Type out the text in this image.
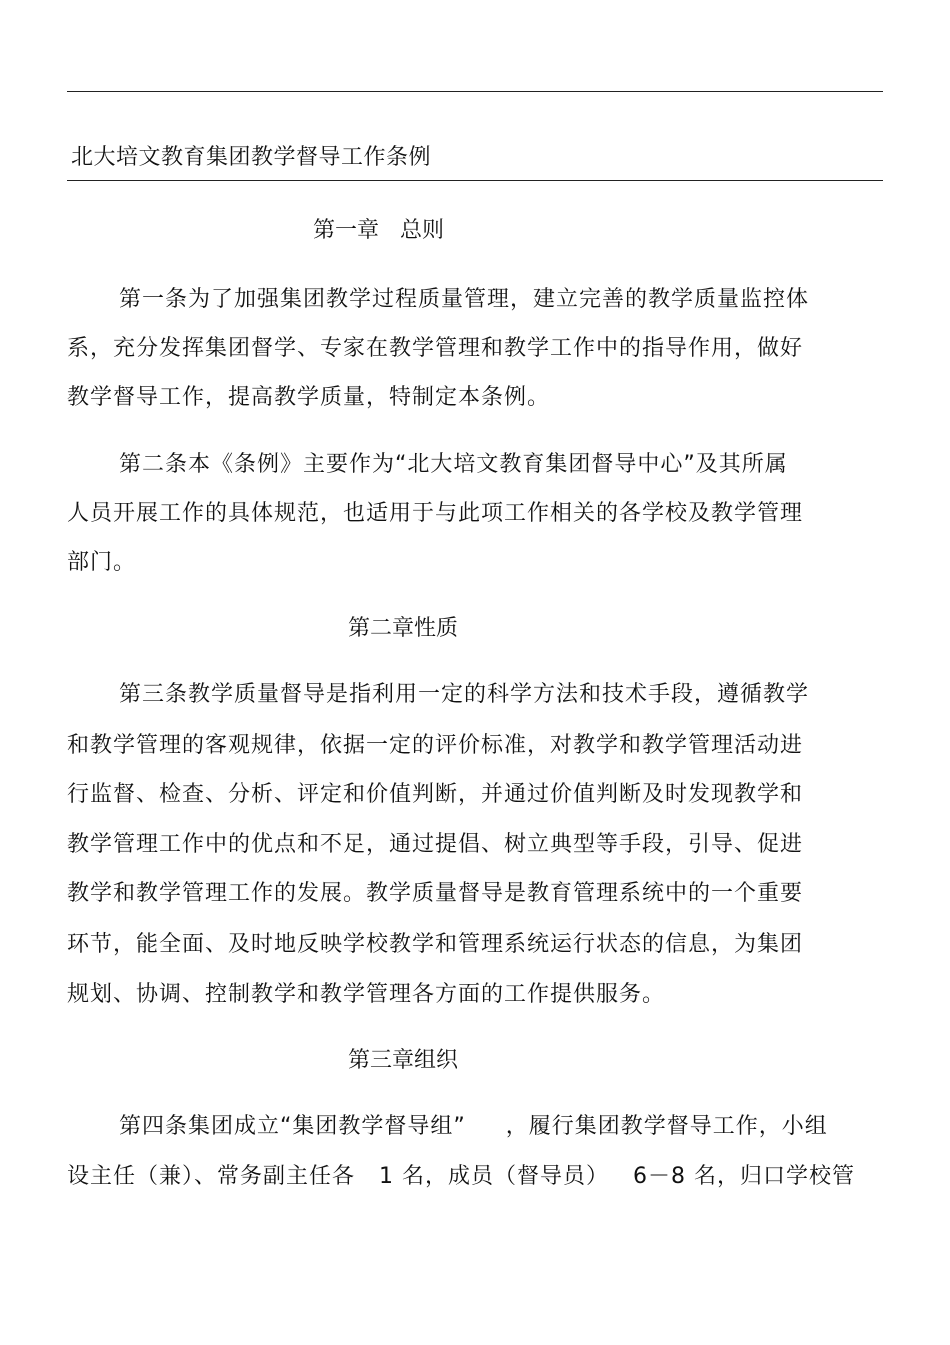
北大培文教育集团教学督导工作条例
第一章   总则
第一条为了加强集团教学过程质量管理，建立完善的教学质量监控体
系，充分发挥集团督学、专家在教学管理和教学工作中的指导作用，做好
教学督导工作，提高教学质量，特制定本条例。
第二条本《条例》主要作为“北大培文教育集团督导中心”及其所属
人员开展工作的具体规范，也适用于与此项工作相关的各学校及教学管理
部门。
第二章性质
第三条教学质量督导是指利用一定的科学方法和技术手段，遵循教学
和教学管理的客观规律，依据一定的评价标准，对教学和教学管理活动进
行监督、检查、分析、评定和价值判断，并通过价值判断及时发现教学和
教学管理工作中的优点和不足，通过提倡、树立典型等手段，引导、促进
教学和教学管理工作的发展。教学质量督导是教育管理系统中的一个重要
环节，能全面、及时地反映学校教学和管理系统运行状态的信息，为集团
规划、协调、控制教学和教学管理各方面的工作提供服务。
第三章组织
第四条集团成立“集团教学督导组”     ，履行集团教学督导工作，小组
设主任（兼）、常务副主任各   1 名，成员（督导员）   6－8 名，归口学校管
